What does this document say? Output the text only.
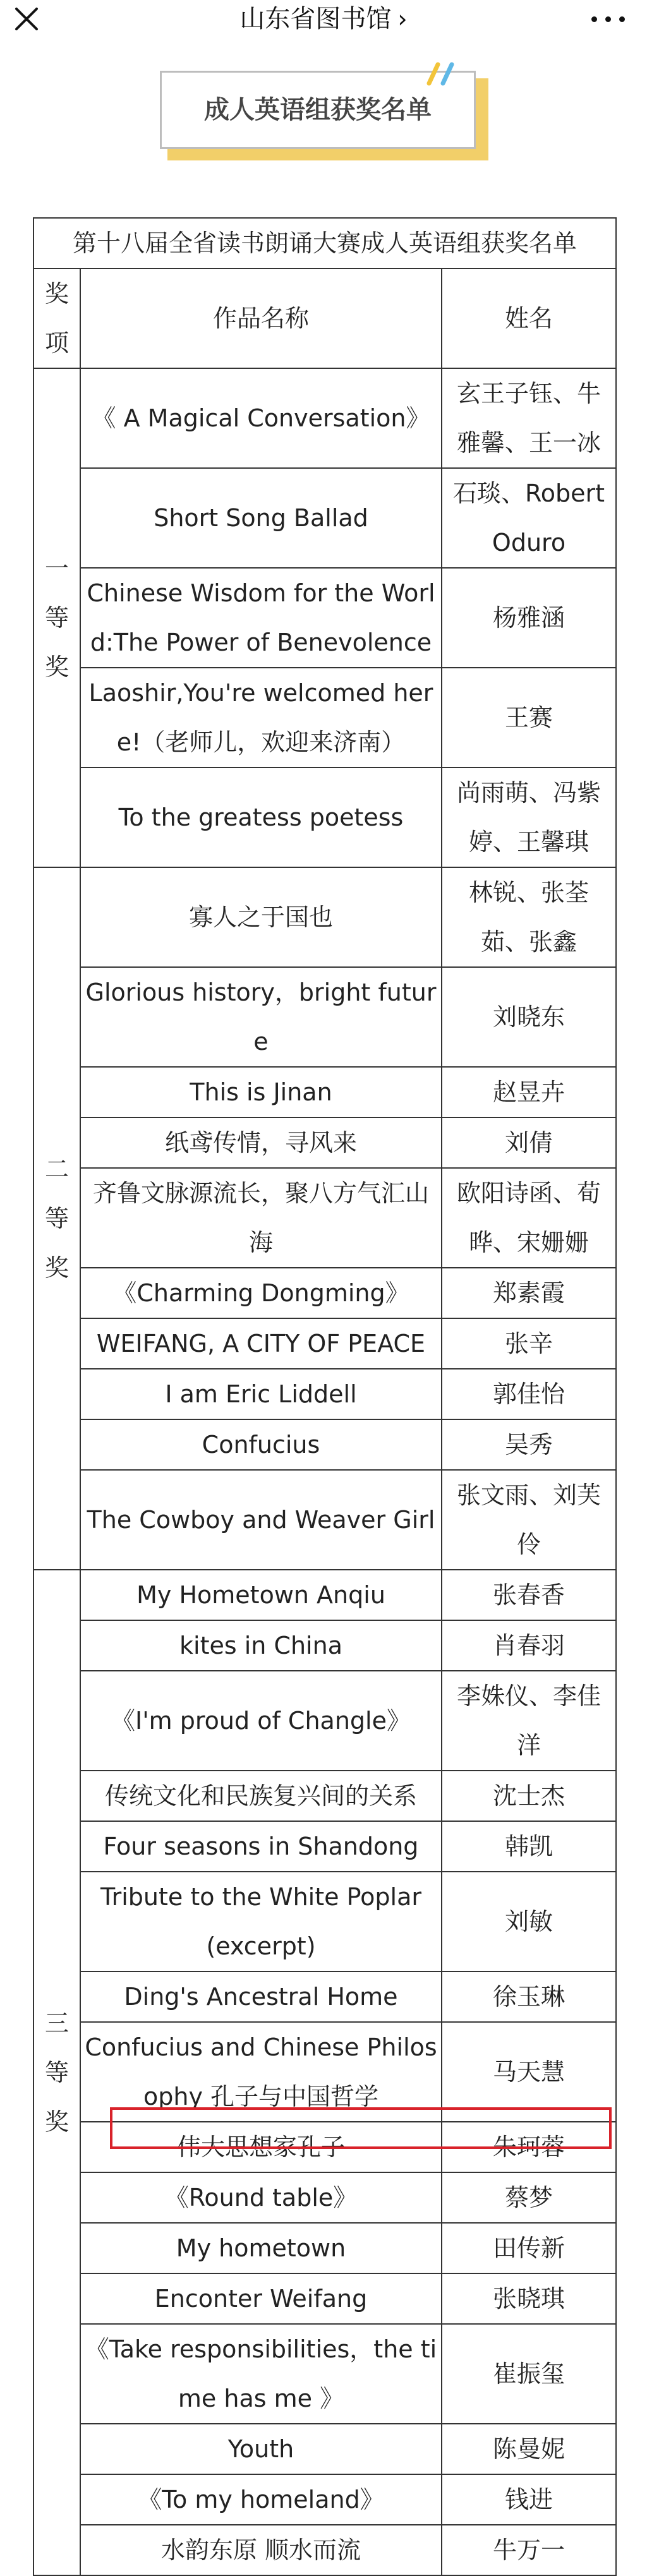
山东省图书馆 ›
成人英语组获奖名单
第十八届全省读书朗诵大赛成人英语组获奖名单		

奖
项	作品名称	姓名

一
等
奖	《 A Magical Conversation》	玄王子钰、牛雅馨、王一冰
	Short Song Ballad	石琰、Robert Oduro
	Chinese Wisdom for the World:The Power of Benevolence	杨雅涵
	Laoshir,You're welcomed here!（老师儿，欢迎来济南）	王赛
	To the greatess poetess	尚雨萌、冯紫婷、王馨琪

二
等
奖	寡人之于国也	林锐、张荃茹、张鑫
	Glorious history，bright future	刘晓东
	This is Jinan	赵昱卉
	纸鸢传情，寻风来	刘倩
	齐鲁文脉源流长，聚八方气汇山海	欧阳诗函、荀晔、宋姗姗
	《Charming Dongming》	郑素霞
	WEIFANG, A CITY OF PEACE	张辛
	I am Eric Liddell	郭佳怡
	Confucius	吴秀
	The Cowboy and Weaver Girl	张文雨、刘芙伶

三
等
奖	My Hometown Anqiu	张春香
	kites in China	肖春羽
	《I'm proud of Changle》	李姝仪、李佳洋
	传统文化和民族复兴间的关系	沈士杰
	Four seasons in Shandong	韩凯
	Tribute to the White Poplar (excerpt)	刘敏
	Ding's Ancestral Home	徐玉琳
	Confucius and Chinese Philosophy 孔子与中国哲学	马天慧
	伟大思想家孔子	朱珂蓉
	《Round table》	蔡梦
	My hometown	田传新
	Enconter Weifang	张晓琪
	《Take responsibilities，the time has me 》	崔振玺
	Youth	陈曼妮
	《To my homeland》	钱进
	水韵东原 顺水而流	牛万一
